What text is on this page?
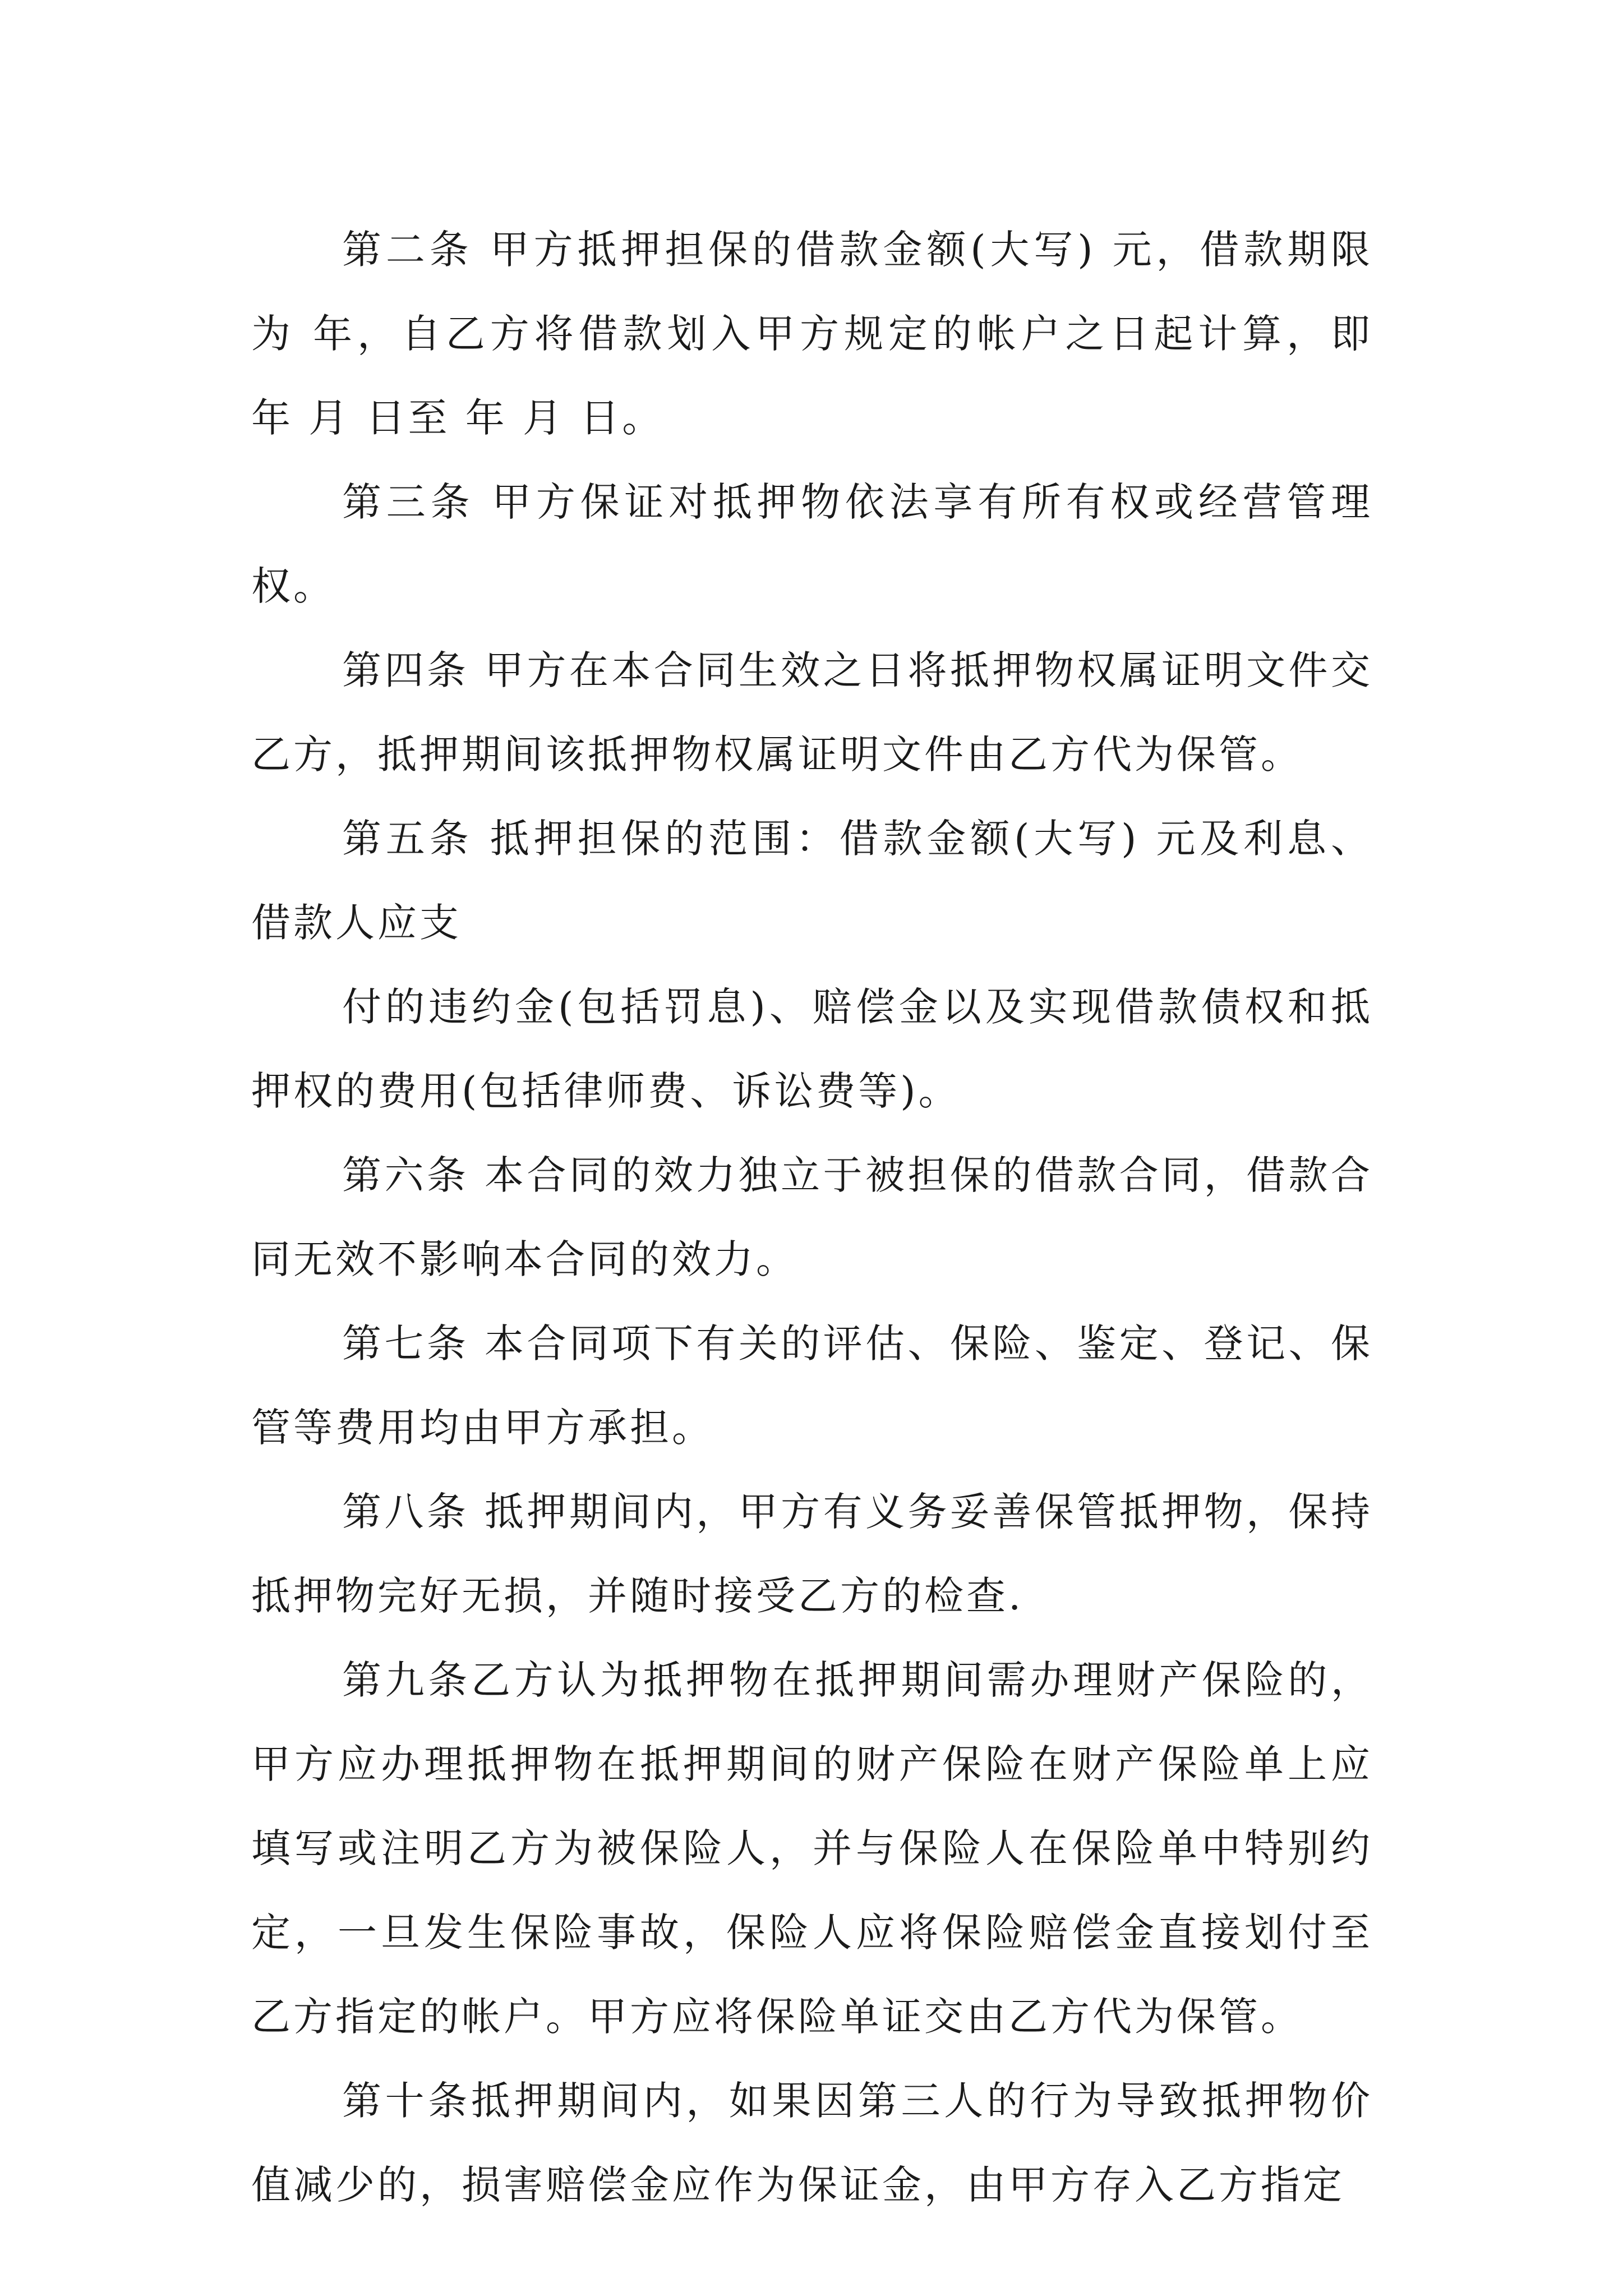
第二条 甲方抵押担保的借款金额(大写) 元，借款期限为 年，自乙方将借款划入甲方规定的帐户之日起计算，即 年 月 日至 年 月 日。

第三条 甲方保证对抵押物依法享有所有权或经营管理权。

第四条 甲方在本合同生效之日将抵押物权属证明文件交乙方，抵押期间该抵押物权属证明文件由乙方代为保管。

第五条 抵押担保的范围：借款金额(大写) 元及利息、借款人应支

付的违约金(包括罚息)、赔偿金以及实现借款债权和抵押权的费用(包括律师费、诉讼费等)。

第六条 本合同的效力独立于被担保的借款合同，借款合同无效不影响本合同的效力。

第七条 本合同项下有关的评估、保险、鉴定、登记、保管等费用均由甲方承担。

第八条 抵押期间内，甲方有义务妥善保管抵押物，保持抵押物完好无损，并随时接受乙方的检查.

第九条乙方认为抵押物在抵押期间需办理财产保险的，甲方应办理抵押物在抵押期间的财产保险在财产保险单上应填写或注明乙方为被保险人，并与保险人在保险单中特别约定，一旦发生保险事故，保险人应将保险赔偿金直接划付至乙方指定的帐户。甲方应将保险单证交由乙方代为保管。

第十条抵押期间内，如果因第三人的行为导致抵押物价值减少的，损害赔偿金应作为保证金，由甲方存入乙方指定
